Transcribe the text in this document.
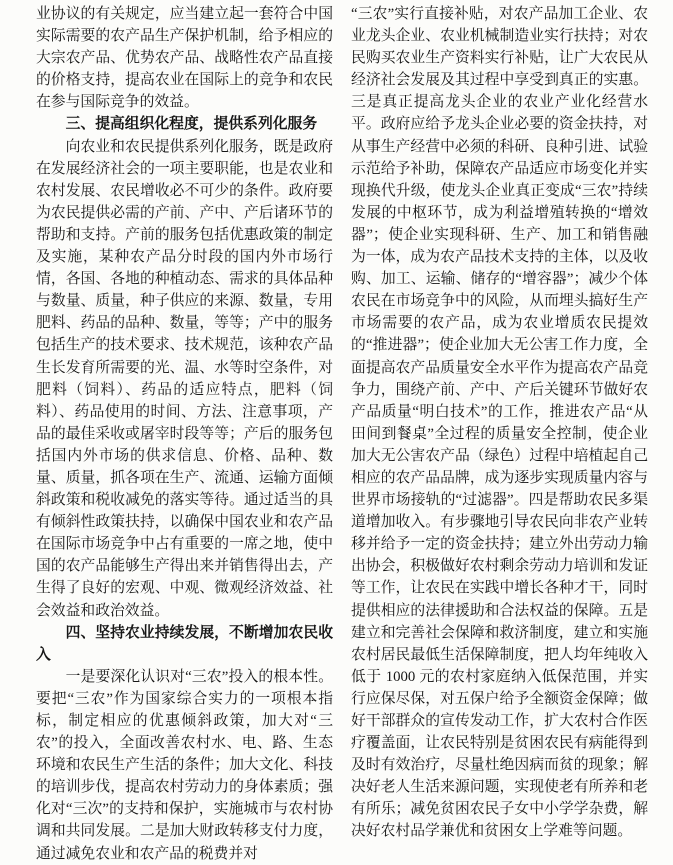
业协议的有关规定，应当建立起一套符合中国实际需要的农产品生产保护机制，给予相应的大宗农产品、优势农产品、战略性农产品直接的价格支持，提高农业在国际上的竞争和农民在参与国际竞争的效益。

三、提高组织化程度，提供系列化服务

向农业和农民提供系列化服务，既是政府在发展经济社会的一项主要职能，也是农业和农村发展、农民增收必不可少的条件。政府要为农民提供必需的产前、产中、产后诸环节的帮助和支持。产前的服务包括优惠政策的制定及实施，某种农产品分时段的国内外市场行情，各国、各地的种植动态、需求的具体品种与数量、质量，种子供应的来源、数量，专用肥料、药品的品种、数量，等等；产中的服务包括生产的技术要求、技术规范，该种农产品生长发育所需要的光、温、水等时空条件，对肥料（饲料）、药品的适应特点，肥料（饲料）、药品使用的时间、方法、注意事项，产品的最佳采收或屠宰时段等等；产后的服务包括国内外市场的供求信息、价格、品种、数量、质量，抓各项在生产、流通、运输方面倾斜政策和税收减免的落实等待。通过适当的具有倾斜性政策扶持，以确保中国农业和农产品在国际市场竞争中占有重要的一席之地，使中国的农产品能够生产得出来并销售得出去，产生得了良好的宏观、中观、微观经济效益、社会效益和政治效益。

四、坚持农业持续发展，不断增加农民收入

一是要深化认识对“三农”投入的根本性。要把“三农”作为国家综合实力的一项根本指标，制定相应的优惠倾斜政策，加大对“三农”的投入，全面改善农村水、电、路、生态环境和农民生产生活的条件；加大文化、科技的培训步伐，提高农村劳动力的身体素质；强化对“三次”的支持和保护，实施城市与农村协调和共同发展。二是加大财政转移支付力度，通过减免农业和农产品的税费并对

“三农”实行直接补贴，对农产品加工企业、农业龙头企业、农业机械制造业实行扶持；对农民购买农业生产资料实行补贴，让广大农民从经济社会发展及其过程中享受到真正的实惠。三是真正提高龙头企业的农业产业化经营水平。政府应给予龙头企业必要的资金扶持，对从事生产经营中必须的科研、良种引进、试验示范给予补助，保障农产品适应市场变化并实现换代升级，使龙头企业真正变成“三农”持续发展的中枢环节，成为利益增殖转换的“增效器”；使企业实现科研、生产、加工和销售融为一体，成为农产品技术支持的主体，以及收购、加工、运输、储存的“增容器”；减少个体农民在市场竞争中的风险，从而埋头搞好生产市场需要的农产品，成为农业增质农民提效的“推进器”；使企业加大无公害工作力度，全面提高农产品质量安全水平作为提高农产品竞争力，围绕产前、产中、产后关键环节做好农产品质量“明白技术”的工作，推进农产品“从田间到餐桌”全过程的质量安全控制，使企业加大无公害农产品（绿色）过程中培植起自己相应的农产品品牌，成为逐步实现质量内容与世界市场接轨的“过滤器”。四是帮助农民多渠道增加收入。有步骤地引导农民向非农产业转移并给予一定的资金扶持；建立外出劳动力输出协会，积极做好农村剩余劳动力培训和发证等工作，让农民在实践中增长各种才干，同时提供相应的法律援助和合法权益的保障。五是建立和完善社会保障和救济制度，建立和实施农村居民最低生活保障制度，把人均年纯收入低于 1000 元的农村家庭纳入低保范围，并实行应保尽保，对五保户给予全额资金保障；做好干部群众的宣传发动工作，扩大农村合作医疗覆盖面，让农民特别是贫困农民有病能得到及时有效治疗，尽量杜绝因病而贫的现象；解决好老人生活来源问题，实现使老有所养和老有所乐；减免贫困农民子女中小学学杂费，解决好农村品学兼优和贫困女上学难等问题。
